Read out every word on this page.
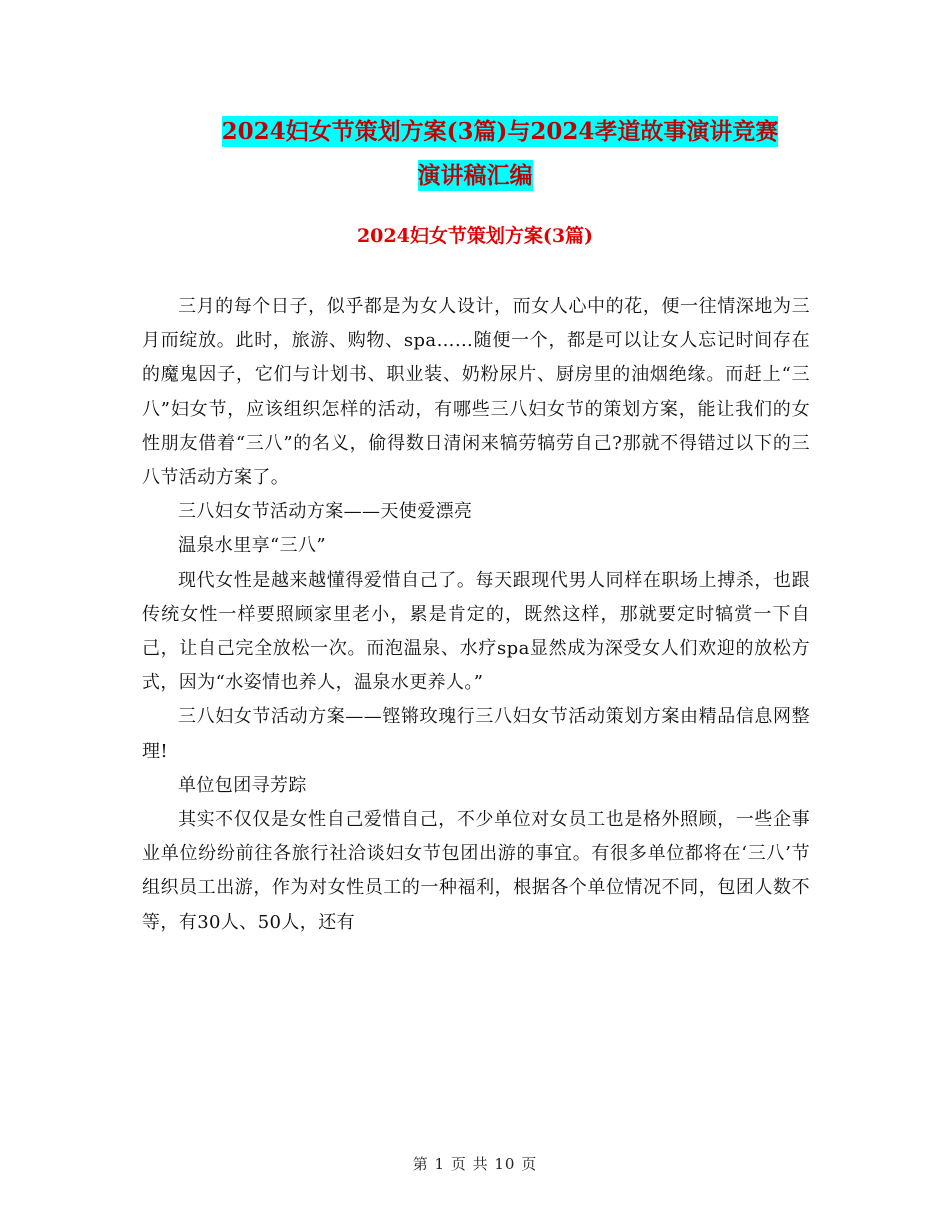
2024妇女节策划方案(3篇)与2024孝道故事演讲竞赛
演讲稿汇编
2024妇女节策划方案(3篇)

三月的每个日子，似乎都是为女人设计，而女人心中的花，便一往情深地为三月而绽放。此时，旅游、购物、spa……随便一个，都是可以让女人忘记时间存在的魔鬼因子，它们与计划书、职业装、奶粉尿片、厨房里的油烟绝缘。而赶上“三八”妇女节，应该组织怎样的活动，有哪些三八妇女节的策划方案，能让我们的女性朋友借着“三八”的名义，偷得数日清闲来犒劳犒劳自己?那就不得错过以下的三八节活动方案了。

三八妇女节活动方案——天使爱漂亮

温泉水里享“三八”

现代女性是越来越懂得爱惜自己了。每天跟现代男人同样在职场上搏杀，也跟传统女性一样要照顾家里老小，累是肯定的，既然这样，那就要定时犒赏一下自己，让自己完全放松一次。而泡温泉、水疗spa显然成为深受女人们欢迎的放松方式，因为“水姿情也养人，温泉水更养人。”

三八妇女节活动方案——铿锵玫瑰行三八妇女节活动策划方案由精品信息网整理!

单位包团寻芳踪

其实不仅仅是女性自己爱惜自己，不少单位对女员工也是格外照顾，一些企事业单位纷纷前往各旅行社洽谈妇女节包团出游的事宜。有很多单位都将在‘三八’节组织员工出游，作为对女性员工的一种福利，根据各个单位情况不同，包团人数不等，有30人、50人，还有

第 1 页 共 10 页
